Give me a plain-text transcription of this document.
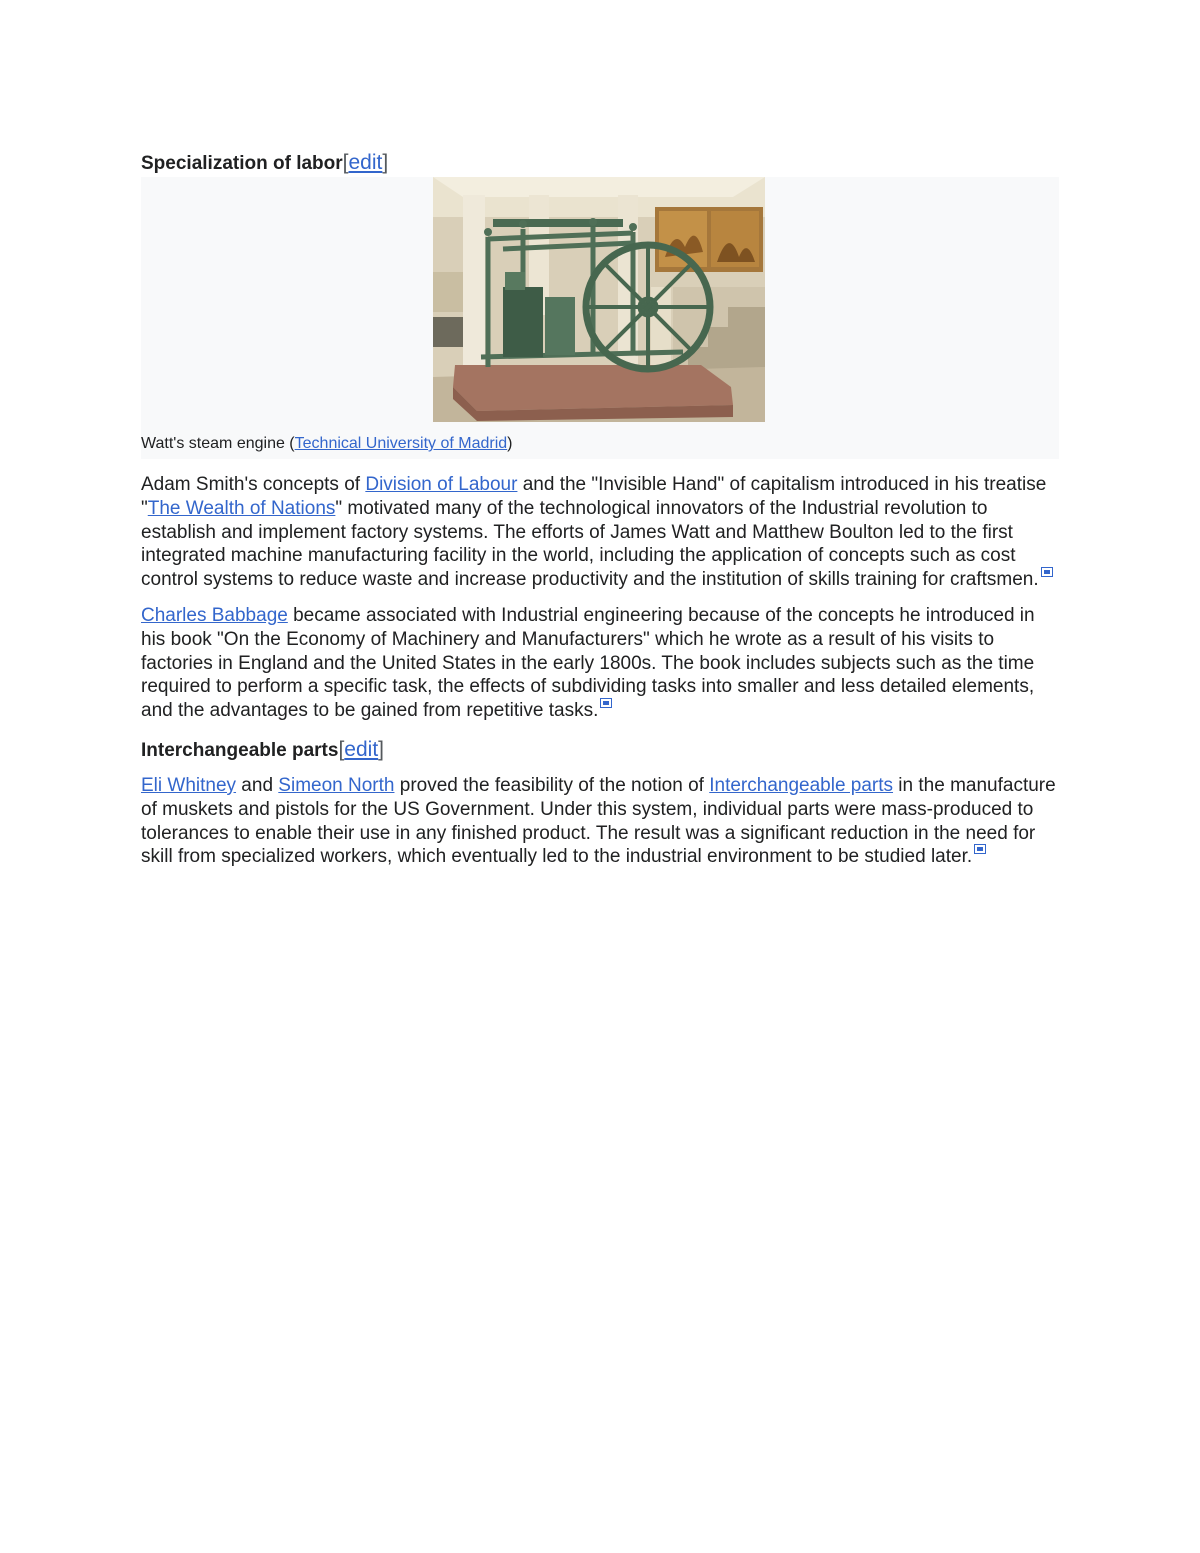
Specialization of labor[edit]
Watt's steam engine (Technical University of Madrid)

Adam Smith's concepts of Division of Labour and the "Invisible Hand" of capitalism introduced in his treatise "The Wealth of Nations" motivated many of the technological innovators of the Industrial revolution to establish and implement factory systems. The efforts of James Watt and Matthew Boulton led to the first integrated machine manufacturing facility in the world, including the application of concepts such as cost control systems to reduce waste and increase productivity and the institution of skills training for craftsmen.

Charles Babbage became associated with Industrial engineering because of the concepts he introduced in his book "On the Economy of Machinery and Manufacturers" which he wrote as a result of his visits to factories in England and the United States in the early 1800s. The book includes subjects such as the time required to perform a specific task, the effects of subdividing tasks into smaller and less detailed elements, and the advantages to be gained from repetitive tasks.

Interchangeable parts[edit]

Eli Whitney and Simeon North proved the feasibility of the notion of Interchangeable parts in the manufacture of muskets and pistols for the US Government. Under this system, individual parts were mass-produced to tolerances to enable their use in any finished product. The result was a significant reduction in the need for skill from specialized workers, which eventually led to the industrial environment to be studied later.
